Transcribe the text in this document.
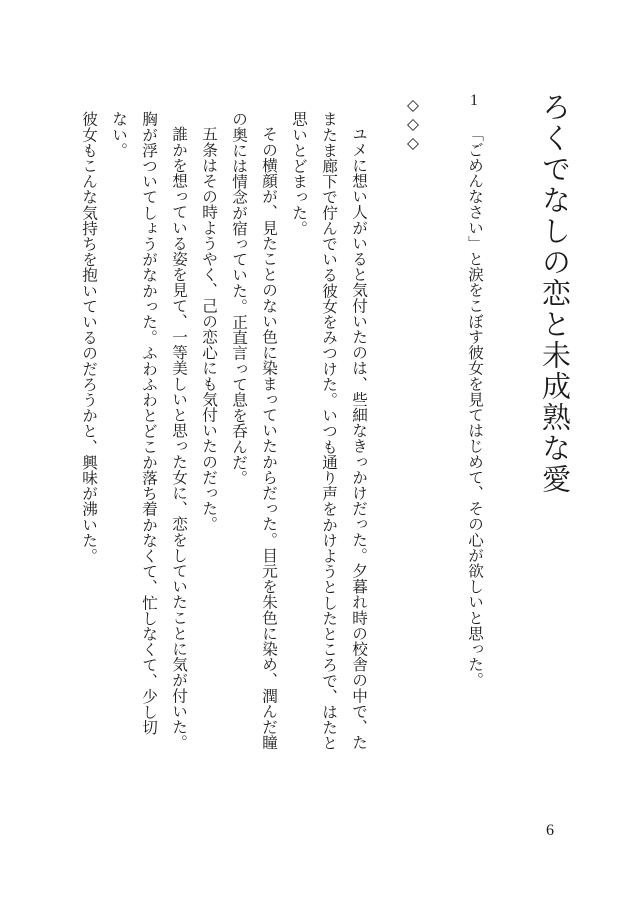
ろくでなしの恋と未成熟な愛
1
「ごめんなさい」と涙をこぼす彼女を見てはじめて、その心が欲しいと思った。
◇◇◇
ユメに想い人がいると気付いたのは、些細なきっかけだった。夕暮れ時の校舎の中で、た
またま廊下で佇んでいる彼女をみつけた。いつも通り声をかけようとしたところで、はたと
思いとどまった。
その横顔が、見たことのない色に染まっていたからだった。目元を朱色に染め、潤んだ瞳
の奥には情念が宿っていた。正直言って息を呑んだ。
五条はその時ようやく、己の恋心にも気付いたのだった。
誰かを想っている姿を見て、一等美しいと思った女に、恋をしていたことに気が付いた。
胸が浮ついてしょうがなかった。ふわふわとどこか落ち着かなくて、忙しなくて、少し切
ない。
彼女もこんな気持ちを抱いているのだろうかと、興味が沸いた。
6
